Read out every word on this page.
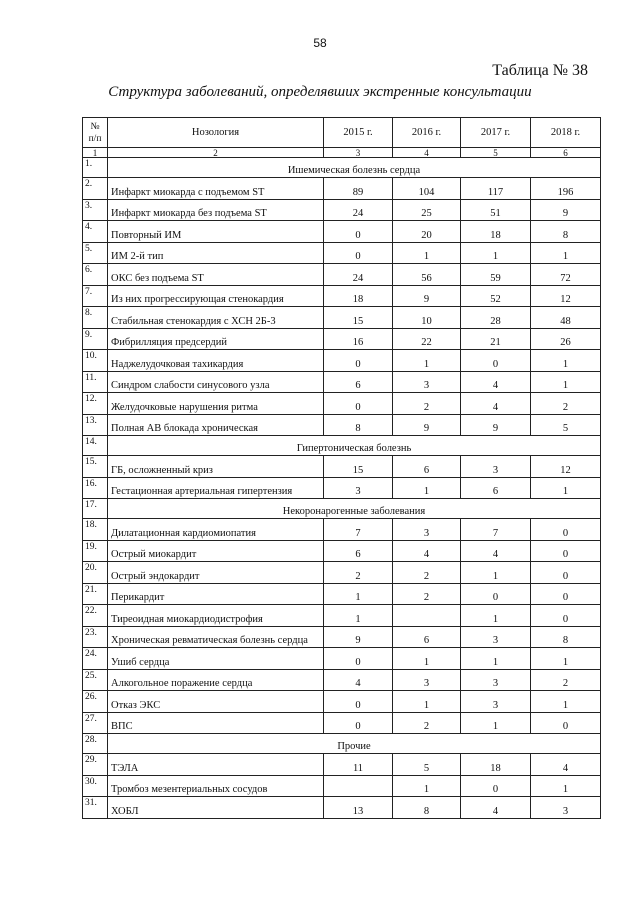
58
Таблица № 38
Структура заболеваний, определявших экстренные консультации
№
п/п	Нозология	2015 г.	2016 г.	2017 г.	2018 г.
1	2	3	4	5	6
1.	Ишемическая болезнь сердца				
2.	Инфаркт миокарда с подъемом ST	89	104	117	196
3.	Инфаркт миокарда без подъема ST	24	25	51	9
4.	Повторный ИМ	0	20	18	8
5.	ИМ 2-й тип	0	1	1	1
6.	ОКС без подъема ST	24	56	59	72
7.	Из них прогрессирующая стенокардия	18	9	52	12
8.	Стабильная стенокардия с ХСН 2Б-3	15	10	28	48
9.	Фибрилляция предсердий	16	22	21	26
10.	Наджелудочковая тахикардия	0	1	0	1
11.	Синдром слабости синусового узла	6	3	4	1
12.	Желудочковые нарушения ритма	0	2	4	2
13.	Полная АВ блокада хроническая	8	9	9	5
14.	Гипертоническая болезнь				
15.	ГБ, осложненный криз	15	6	3	12
16.	Гестационная артериальная гипертензия	3	1	6	1
17.	Некоронарогенные заболевания				
18.	Дилатационная кардиомиопатия	7	3	7	0
19.	Острый миокардит	6	4	4	0
20.	Острый эндокардит	2	2	1	0
21.	Перикардит	1	2	0	0
22.	Тиреоидная миокардиодистрофия	1		1	0
23.	Хроническая ревматическая болезнь сердца	9	6	3	8
24.	Ушиб сердца	0	1	1	1
25.	Алкогольное поражение сердца	4	3	3	2
26.	Отказ ЭКС	0	1	3	1
27.	ВПС	0	2	1	0
28.	Прочие				
29.	ТЭЛА	11	5	18	4
30.	Тромбоз мезентериальных сосудов		1	0	1
31.	ХОБЛ	13	8	4	3
